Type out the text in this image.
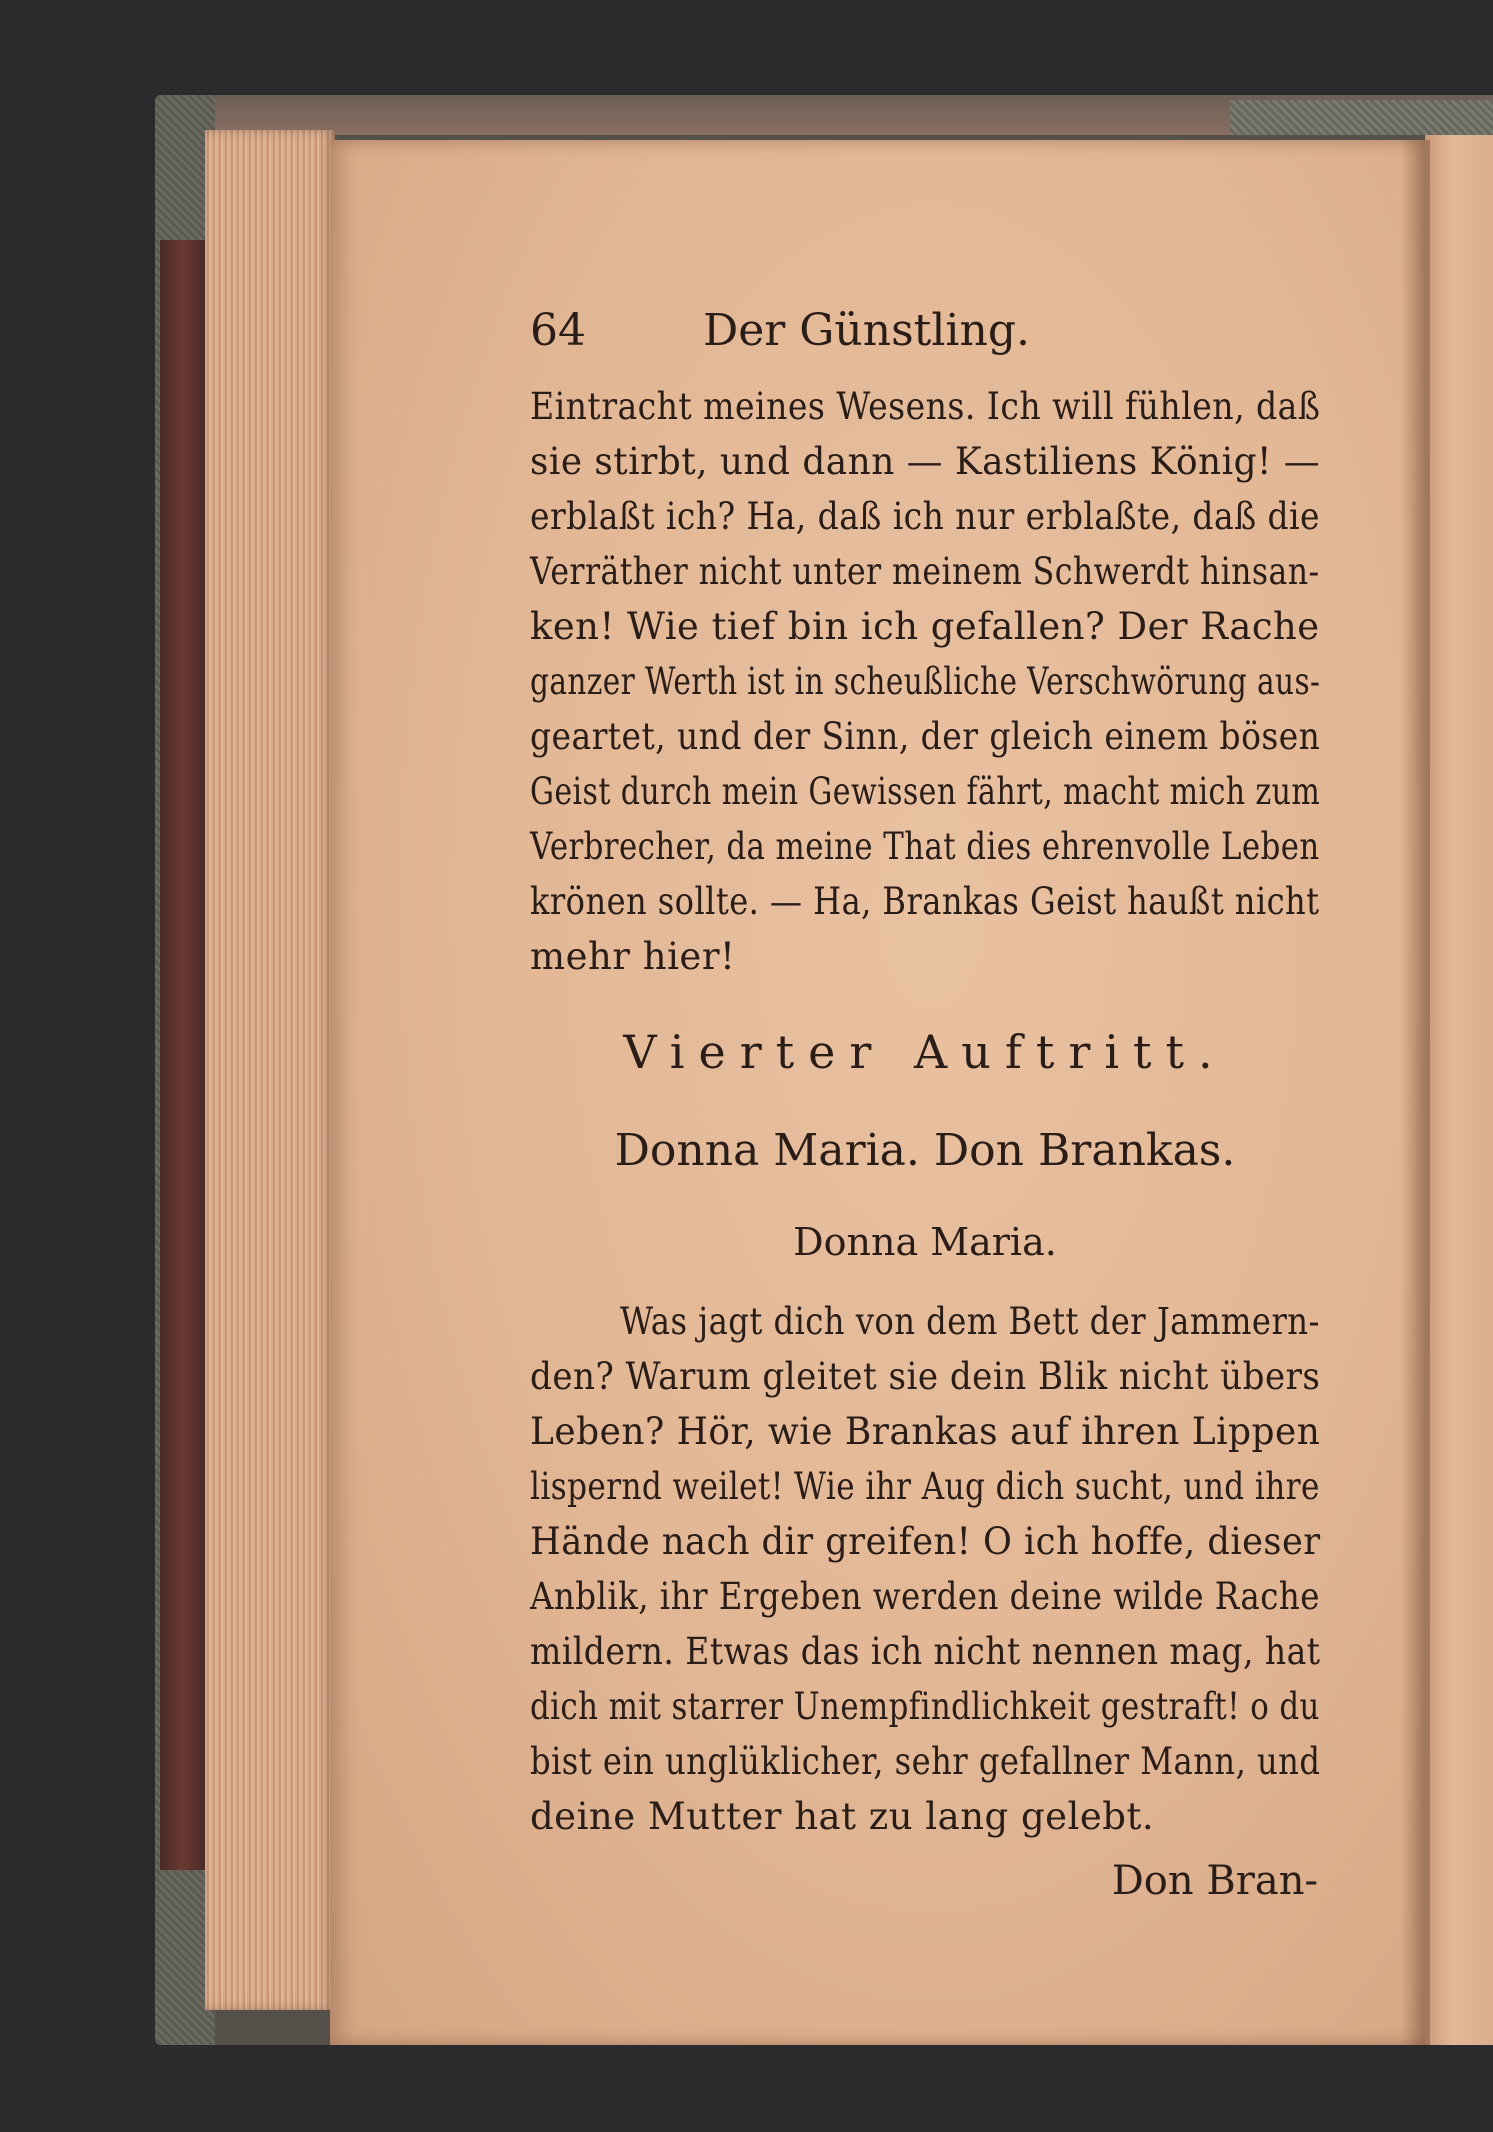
64	Der Günstling.
Eintracht meines Wesens. Ich will fühlen, daß
sie stirbt, und dann — Kastiliens König! —
erblaßt ich? Ha, daß ich nur erblaßte, daß die
Verräther nicht unter meinem Schwerdt hinsan-
ken! Wie tief bin ich gefallen? Der Rache
ganzer Werth ist in scheußliche Verschwörung aus-
geartet, und der Sinn, der gleich einem bösen
Geist durch mein Gewissen fährt, macht mich zum
Verbrecher, da meine That dies ehrenvolle Leben
krönen sollte. — Ha, Brankas Geist haußt nicht
mehr hier!
Vierter Auftritt.
Donna Maria. Don Brankas.
Donna Maria.
Was jagt dich von dem Bett der Jammern-
den? Warum gleitet sie dein Blik nicht übers
Leben? Hör, wie Brankas auf ihren Lippen
lispernd weilet! Wie ihr Aug dich sucht, und ihre
Hände nach dir greifen! O ich hoffe, dieser
Anblik, ihr Ergeben werden deine wilde Rache
mildern. Etwas das ich nicht nennen mag, hat
dich mit starrer Unempfindlichkeit gestraft! o du
bist ein unglüklicher, sehr gefallner Mann, und
deine Mutter hat zu lang gelebt.
Don Bran-
